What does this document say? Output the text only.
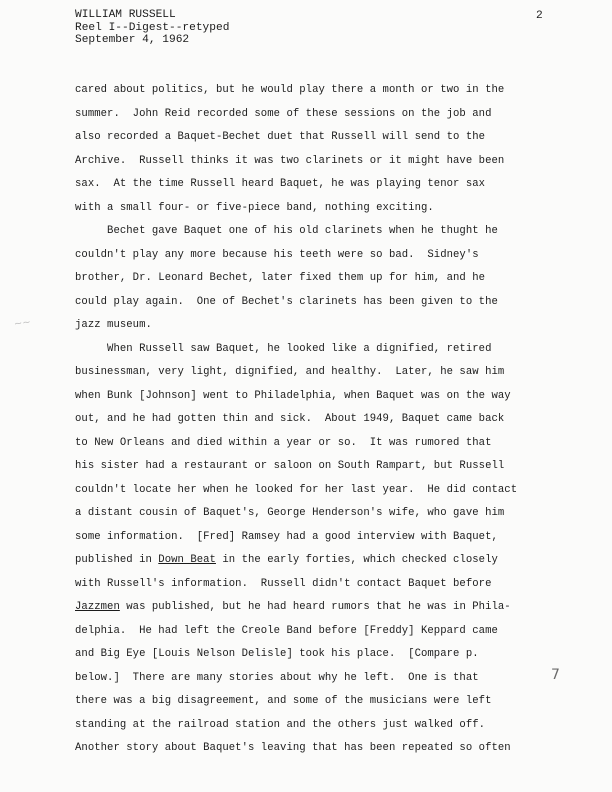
WILLIAM RUSSELL
Reel I--Digest--retyped
September 4, 1962
2
~~
7
cared about politics, but he would play there a month or two in the
summer.  John Reid recorded some of these sessions on the job and
also recorded a Baquet-Bechet duet that Russell will send to the
Archive.  Russell thinks it was two clarinets or it might have been
sax.  At the time Russell heard Baquet, he was playing tenor sax
with a small four- or five-piece band, nothing exciting.
Bechet gave Baquet one of his old clarinets when he thught he
couldn't play any more because his teeth were so bad.  Sidney's
brother, Dr. Leonard Bechet, later fixed them up for him, and he
could play again.  One of Bechet's clarinets has been given to the
jazz museum.
When Russell saw Baquet, he looked like a dignified, retired
businessman, very light, dignified, and healthy.  Later, he saw him
when Bunk [Johnson] went to Philadelphia, when Baquet was on the way
out, and he had gotten thin and sick.  About 1949, Baquet came back
to New Orleans and died within a year or so.  It was rumored that
his sister had a restaurant or saloon on South Rampart, but Russell
couldn't locate her when he looked for her last year.  He did contact
a distant cousin of Baquet's, George Henderson's wife, who gave him
some information.  [Fred] Ramsey had a good interview with Baquet,
published in Down Beat in the early forties, which checked closely
with Russell's information.  Russell didn't contact Baquet before
Jazzmen was published, but he had heard rumors that he was in Phila-
delphia.  He had left the Creole Band before [Freddy] Keppard came
and Big Eye [Louis Nelson Delisle] took his place.  [Compare p.
below.]  There are many stories about why he left.  One is that
there was a big disagreement, and some of the musicians were left
standing at the railroad station and the others just walked off.
Another story about Baquet's leaving that has been repeated so often
